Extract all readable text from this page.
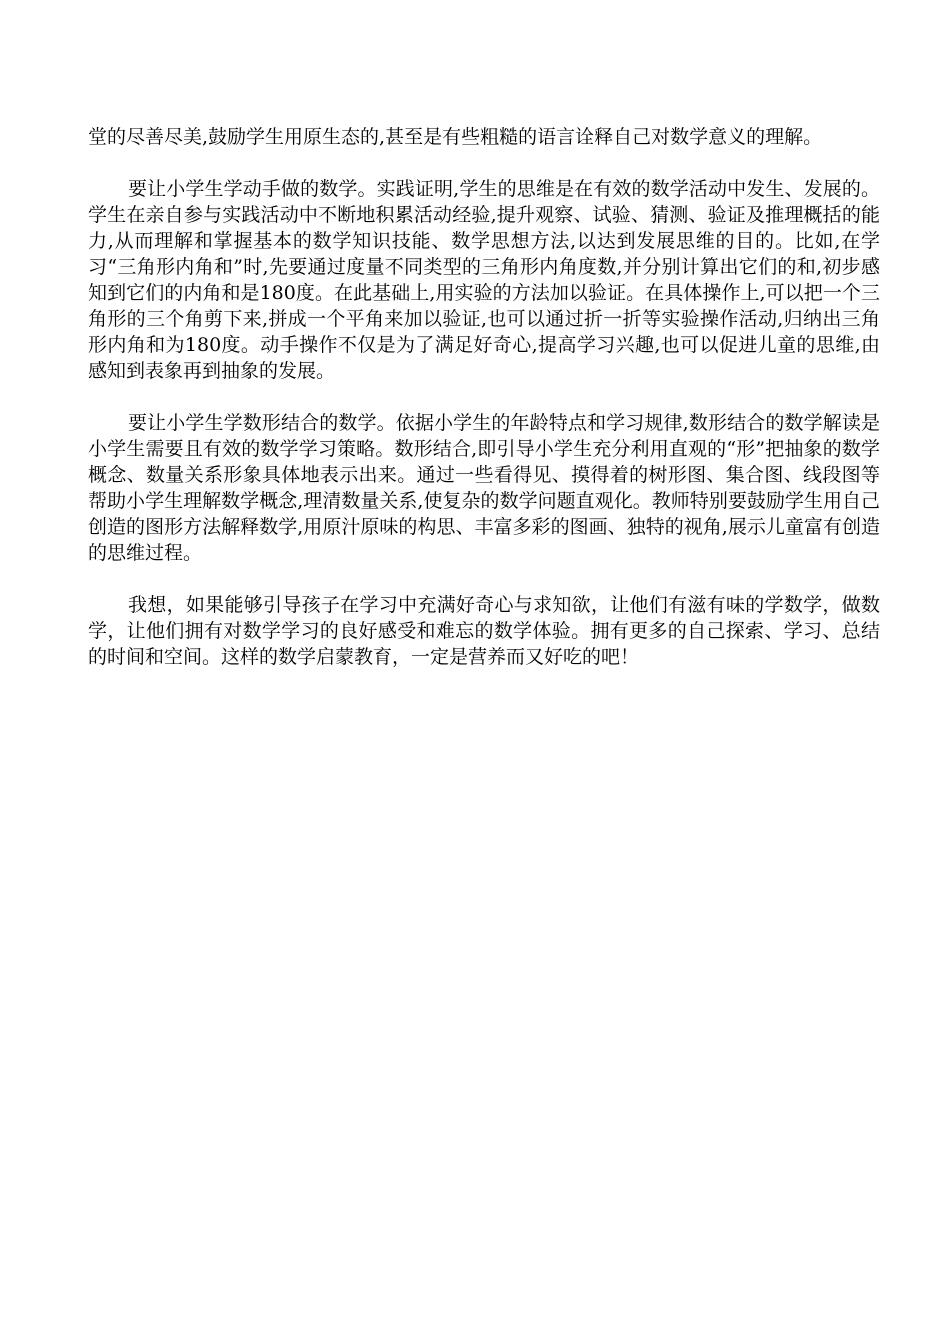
堂的尽善尽美,鼓励学生用原生态的,甚至是有些粗糙的语言诠释自己对数学意义的理解。

要让小学生学动手做的数学。实践证明,学生的思维是在有效的数学活动中发生、发展的。学生在亲自参与实践活动中不断地积累活动经验,提升观察、试验、猜测、验证及推理概括的能力,从而理解和掌握基本的数学知识技能、数学思想方法,以达到发展思维的目的。比如,在学习“三角形内角和”时,先要通过度量不同类型的三角形内角度数,并分别计算出它们的和,初步感知到它们的内角和是180度。在此基础上,用实验的方法加以验证。在具体操作上,可以把一个三角形的三个角剪下来,拼成一个平角来加以验证,也可以通过折一折等实验操作活动,归纳出三角形内角和为180度。动手操作不仅是为了满足好奇心,提高学习兴趣,也可以促进儿童的思维,由感知到表象再到抽象的发展。

要让小学生学数形结合的数学。依据小学生的年龄特点和学习规律,数形结合的数学解读是小学生需要且有效的数学学习策略。数形结合,即引导小学生充分利用直观的“形”把抽象的数学概念、数量关系形象具体地表示出来。通过一些看得见、摸得着的树形图、集合图、线段图等帮助小学生理解数学概念,理清数量关系,使复杂的数学问题直观化。教师特别要鼓励学生用自己创造的图形方法解释数学,用原汁原味的构思、丰富多彩的图画、独特的视角,展示儿童富有创造的思维过程。

我想，如果能够引导孩子在学习中充满好奇心与求知欲，让他们有滋有味的学数学，做数学，让他们拥有对数学学习的良好感受和难忘的数学体验。拥有更多的自己探索、学习、总结的时间和空间。这样的数学启蒙教育，一定是营养而又好吃的吧！
